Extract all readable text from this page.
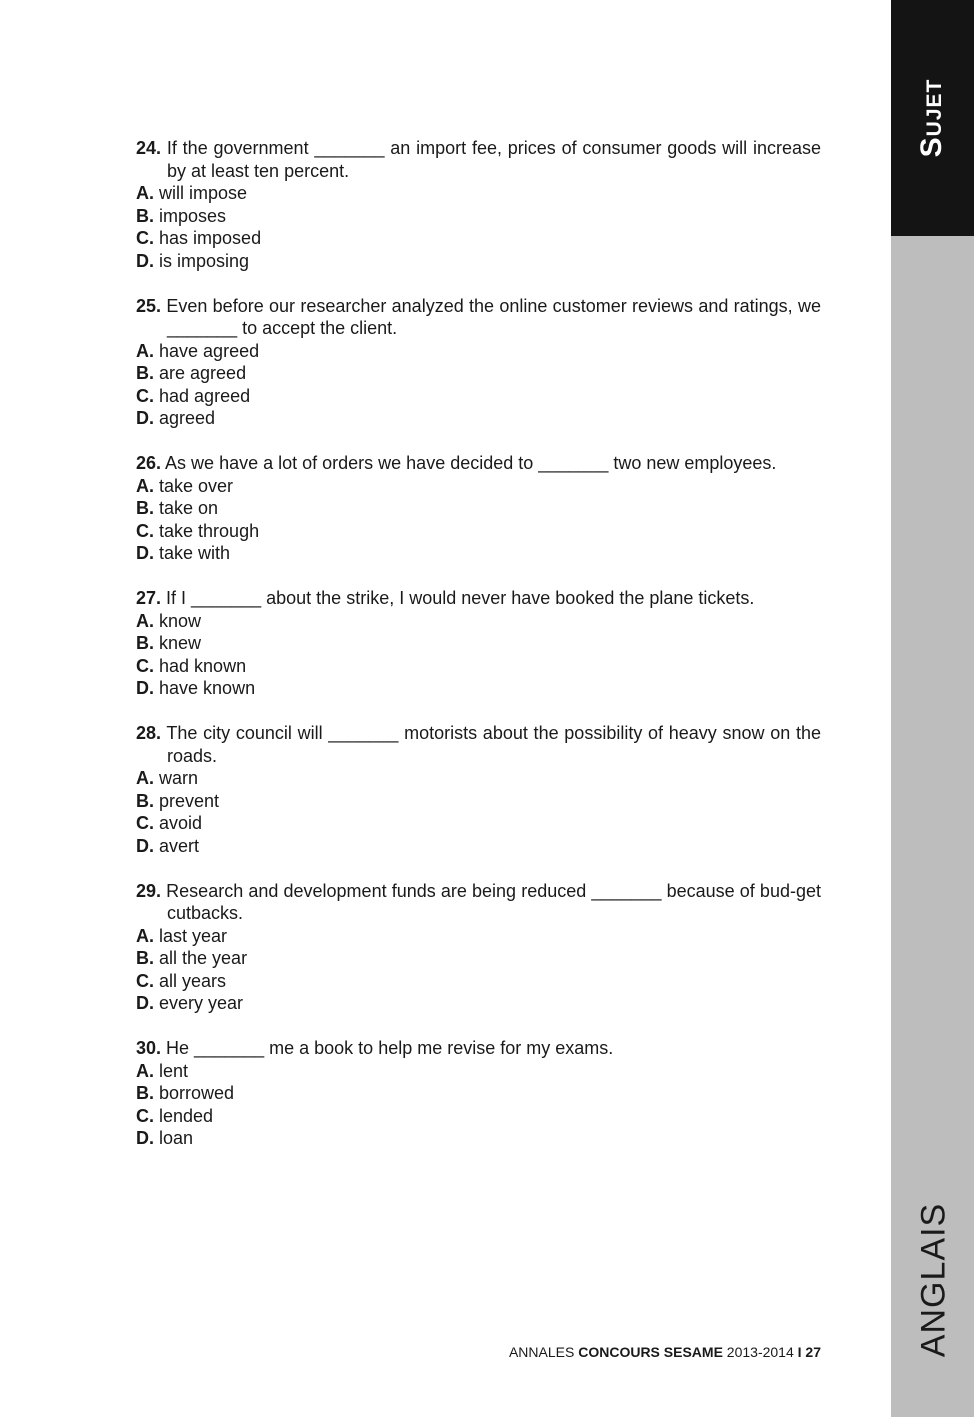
Sujet
ANGLAIS
24. If the government _______ an import fee, prices of consumer goods will increase by at least ten percent.
A. will impose
B. imposes
C. has imposed
D. is imposing
25. Even before our researcher analyzed the online customer reviews and ratings, we _______ to accept the client.
A. have agreed
B. are agreed
C. had agreed
D. agreed
26. As we have a lot of orders we have decided to _______ two new employees.
A. take over
B. take on
C. take through
D. take with
27. If I _______ about the strike, I would never have booked the plane tickets.
A. know
B. knew
C. had known
D. have known
28. The city council will _______ motorists about the possibility of heavy snow on the roads.
A. warn
B. prevent
C. avoid
D. avert
29. Research and development funds are being reduced _______ because of bud-get cutbacks.
A. last year
B. all the year
C. all years
D. every year
30. He _______ me a book to help me revise for my exams.
A. lent
B. borrowed
C. lended
D. loan
ANNALES CONCOURS SESAME 2013-2014 I 27
